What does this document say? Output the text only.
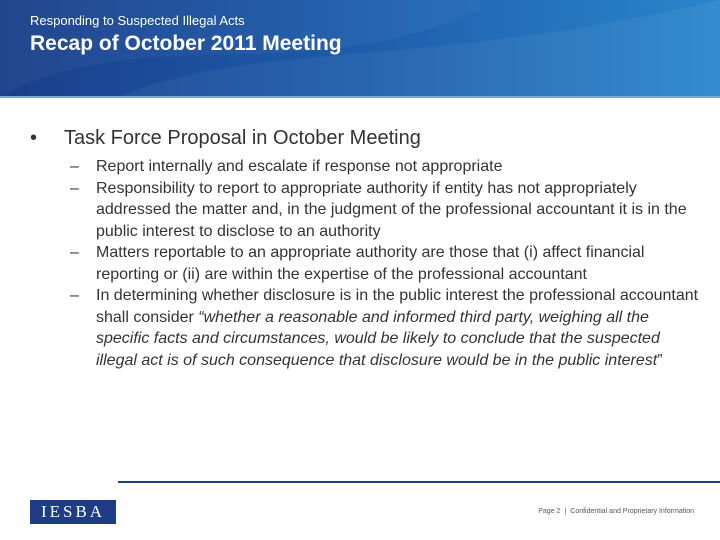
Responding to Suspected Illegal Acts
Recap of October 2011 Meeting
• Task Force Proposal in October Meeting
– Report internally and escalate if response not appropriate
– Responsibility to report to appropriate authority if entity has not appropriately addressed the matter and, in the judgment of the professional accountant it is in the public interest to disclose to an authority
– Matters reportable to an appropriate authority are those that (i) affect financial reporting or (ii) are within the expertise of the professional accountant
– In determining whether disclosure is in the public interest the professional accountant shall consider “whether a reasonable and informed third party, weighing all the specific facts and circumstances, would be likely to conclude that the suspected illegal act is of such consequence that disclosure would be in the public interest”
IESBA	Page 2 | Confidential and Proprietary Information
